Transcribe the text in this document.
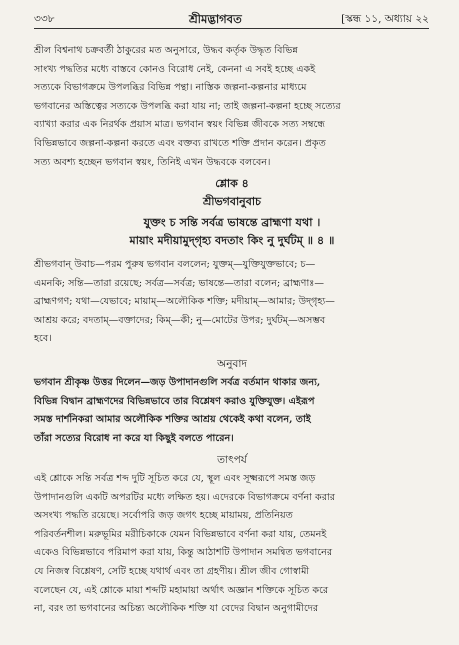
৩৩৮	শ্রীমদ্ভাগবত	[স্কন্ধ ১১, অধ্যায় ২২
শ্রীল বিশ্বনাথ চক্রবর্তী ঠাকুরের মত অনুসারে, উদ্ধব কর্তৃক উদ্ধৃত বিভিন্ন
সাংখ্য পদ্ধতির মধ্যে বাস্তবে কোনও বিরোধ নেই, কেননা এ সবই হচ্ছে একই
সত্যকে বিভাগক্রমে উপলব্ধির বিভিন্ন পন্থা। নাস্তিক জল্পনা-কল্পনার মাধ্যমে
ভগবানের অস্তিত্বের সত্যকে উপলব্ধি করা যায় না; তাই জল্পনা-কল্পনা হচ্ছে সত্যের
ব্যাখ্যা করার এক নিরর্থক প্রয়াস মাত্র। ভগবান স্বয়ং বিভিন্ন জীবকে সত্য সম্বন্ধে
বিভিন্নভাবে জল্পনা-কল্পনা করতে এবং বক্তব্য রাখতে শক্তি প্রদান করেন। প্রকৃত
সত্য অবশ্য হচ্ছেন ভগবান স্বয়ং, তিনিই এখন উদ্ধবকে বলবেন।
শ্লোক ৪
শ্রীভগবানুবাচ
যুক্তং চ সন্তি সর্বত্র ভাষন্তে ব্রাহ্মণা যথা ।
মায়াং মদীয়ামুদ্‌গৃহ্য বদতাং কিং নু দুর্ঘটম্ ॥ ৪ ॥
শ্রীভগবান্ উবাচ—পরম পুরুষ ভগবান বললেন; যুক্তম্—যুক্তিযুক্তভাবে; চ—
এমনকি; সন্তি—তারা রয়েছে; সর্বত্র—সর্বত্র; ভাষন্তে—তারা বলেন; ব্রাহ্মণাঃ—
ব্রাহ্মণগণ; যথা—যেভাবে; মায়াম্—অলৌকিক শক্তি; মদীয়াম্—আমার; উদ্‌গৃহ্য—
আশ্রয় করে; বদতাম্—বক্তাদের; কিম্—কী; নু—মোটের উপর; দুর্ঘটম্—অসম্ভব
হবে।
অনুবাদ
ভগবান শ্রীকৃষ্ণ উত্তর দিলেন—জড় উপাদানগুলি সর্বত্র বর্তমান থাকার জন্য,
বিভিন্ন বিদ্বান ব্রাহ্মণদের বিভিন্নভাবে তার বিশ্লেষণ করাও যুক্তিযুক্ত। এইরূপ
সমস্ত দার্শনিকরা আমার অলৌকিক শক্তির আশ্রয় থেকেই কথা বলেন, তাই
তাঁরা সত্যের বিরোধ না করে যা কিছুই বলতে পারেন।
তাৎপর্য
এই শ্লোকে সন্তি সর্বত্র শব্দ দুটি সূচিত করে যে, স্থূল এবং সূক্ষ্মরূপে সমস্ত জড়
উপাদানগুলি একটি অপরটির মধ্যে লক্ষিত হয়। এদেরকে বিভাগক্রমে বর্ণনা করার
অসংখ্য পদ্ধতি রয়েছে। সর্বোপরি জড় জগৎ হচ্ছে মায়াময়, প্রতিনিয়ত
পরিবর্তনশীল। মরুভূমির মরীচিকাকে যেমন বিভিন্নভাবে বর্ণনা করা যায়, তেমনই
একেও বিভিন্নভাবে পরিমাপ করা যায়, কিন্তু আঠাশটি উপাদান সমন্বিত ভগবানের
যে নিজস্ব বিশ্লেষণ, সেটি হচ্ছে যথার্থ এবং তা গ্রহণীয়। শ্রীল জীব গোস্বামী
বলেছেন যে, এই শ্লোকে মায়া শব্দটি মহামায়া অর্থাৎ অজ্ঞান শক্তিকে সূচিত করে
না, বরং তা ভগবানের অচিন্ত্য অলৌকিক শক্তি যা বেদের বিদ্বান অনুগামীদের
